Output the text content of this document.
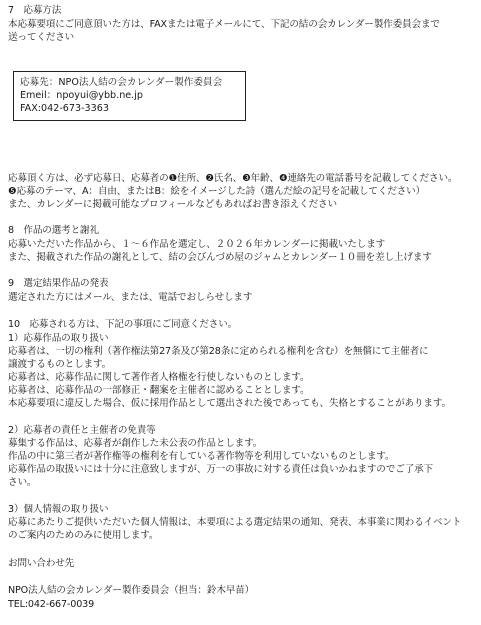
7　応募方法
本応募要項にご同意頂いた方は、FAXまたは電子メールにて、下記の結の会カレンダー製作委員会まで
送ってください
応募先：NPO法人結の会カレンダー製作委員会
Emeil：npoyui@ybb.ne.jp
FAX:042-673-3363
応募頂く方は、必ず応募日、応募者の❶住所、❷氏名、❸年齢、❹連絡先の電話番号を記載してください。
❺応募のテーマ、A：自由、またはB：絵をイメージした詩（選んだ絵の記号を記載してください）
また、カレンダーに掲載可能なプロフィールなどもあればお書き添えください
8　作品の選考と謝礼
応募いただいた作品から、１～６作品を選定し、２０２６年カレンダーに掲載いたします
また、掲載された作品の謝礼として、結の会びんづめ屋のジャムとカレンダー１０冊を差し上げます
9　選定結果作品の発表
選定された方にはメール、または、電話でおしらせします
10　応募される方は、下記の事項にご同意ください。
1）応募作品の取り扱い
応募者は、一切の権利（著作権法第27条及び第28条に定められる権利を含む）を無償にて主催者に
譲渡するものとします。
応募者は、応募作品に関して著作者人格権を行使しないものとします。
応募者は、応募作品の一部修正・翻案を主催者に認めることとします。
本応募要項に違反した場合、仮に採用作品として選出された後であっても、失格とすることがあります。
2）応募者の責任と主催者の免責等
募集する作品は、応募者が創作した未公表の作品とします。
作品の中に第三者が著作権等の権利を有している著作物等を利用していないものとします。
応募作品の取扱いには十分に注意致しますが、万一の事故に対する責任は負いかねますのでご了承下
さい。
3）個人情報の取り扱い
応募にあたりご提供いただいた個人情報は、本要項による選定結果の通知、発表、本事業に関わるイベント
のご案内のためのみに使用します。
お問い合わせ先
NPO法人結の会カレンダー製作委員会（担当：鈴木早苗）
TEL:042-667-0039
